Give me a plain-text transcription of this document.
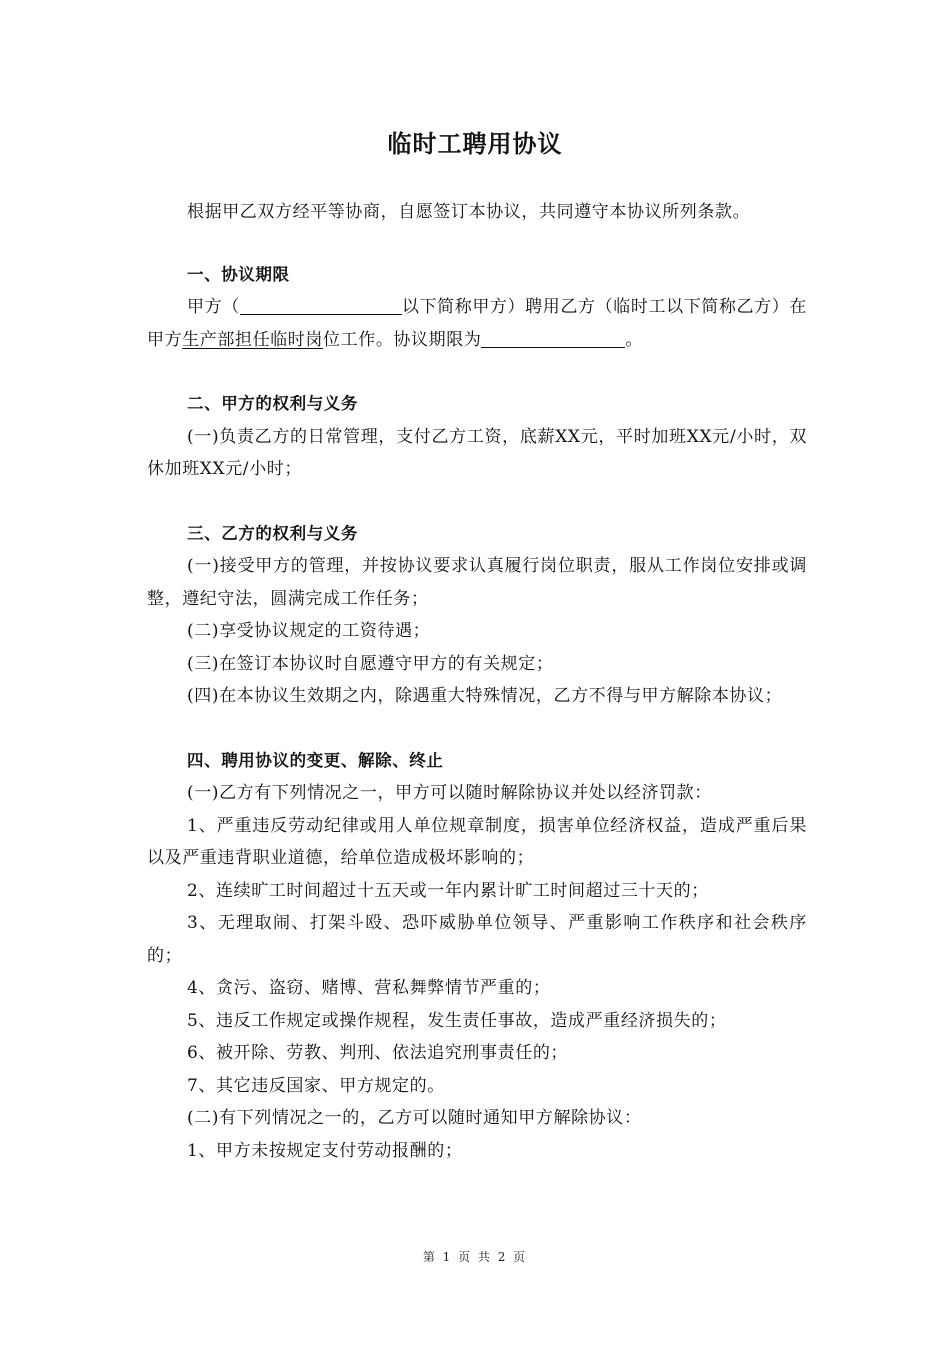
临时工聘用协议

根据甲乙双方经平等协商，自愿签订本协议，共同遵守本协议所列条款。

一、协议期限

甲方（	以下简称甲方）聘用乙方（临时工以下简称乙方）在甲方生产部担任临时岗位工作。协议期限为	。

二、甲方的权利与义务

(一)负责乙方的日常管理，支付乙方工资，底薪XX元，平时加班XX元/小时，双休加班XX元/小时；

三、乙方的权利与义务

(一)接受甲方的管理，并按协议要求认真履行岗位职责，服从工作岗位安排或调整，遵纪守法，圆满完成工作任务；

(二)享受协议规定的工资待遇；

(三)在签订本协议时自愿遵守甲方的有关规定；

(四)在本协议生效期之内，除遇重大特殊情况，乙方不得与甲方解除本协议；

四、聘用协议的变更、解除、终止

(一)乙方有下列情况之一，甲方可以随时解除协议并处以经济罚款：

1、严重违反劳动纪律或用人单位规章制度，损害单位经济权益，造成严重后果以及严重违背职业道德，给单位造成极坏影响的；

2、连续旷工时间超过十五天或一年内累计旷工时间超过三十天的；

3、无理取闹、打架斗殴、恐吓威胁单位领导、严重影响工作秩序和社会秩序的；

4、贪污、盗窃、赌博、营私舞弊情节严重的；

5、违反工作规定或操作规程，发生责任事故，造成严重经济损失的；

6、被开除、劳教、判刑、依法追究刑事责任的；

7、其它违反国家、甲方规定的。

(二)有下列情况之一的，乙方可以随时通知甲方解除协议：

1、甲方未按规定支付劳动报酬的；

第 1 页 共 2 页
